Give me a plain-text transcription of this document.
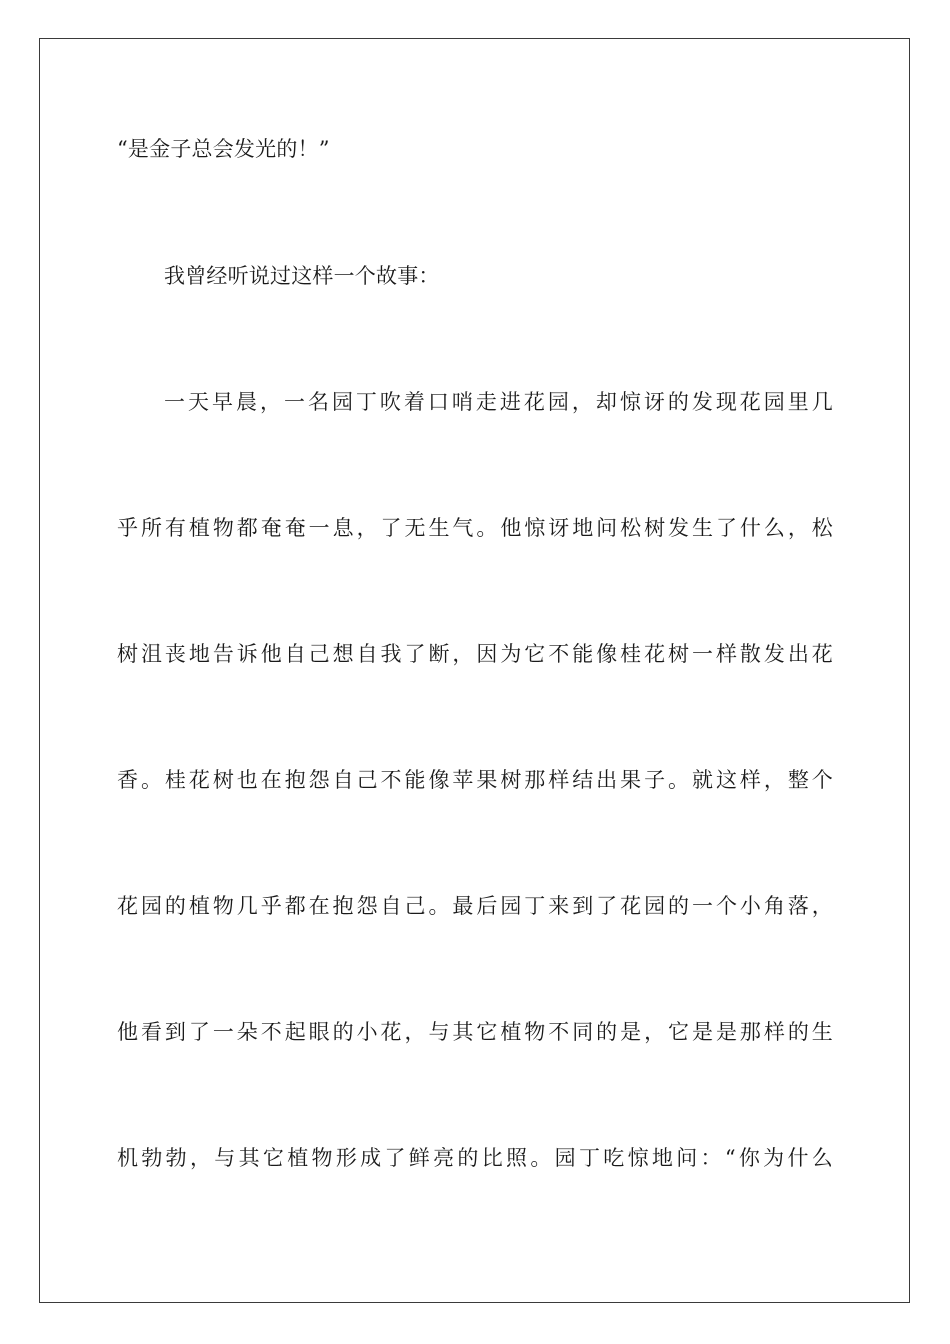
“是金子总会发光的！”
我曾经听说过这样一个故事：
一天早晨，一名园丁吹着口哨走进花园，却惊讶的发现花园里几
乎所有植物都奄奄一息，了无生气。他惊讶地问松树发生了什么，松
树沮丧地告诉他自己想自我了断，因为它不能像桂花树一样散发出花
香。桂花树也在抱怨自己不能像苹果树那样结出果子。就这样，整个
花园的植物几乎都在抱怨自己。最后园丁来到了花园的一个小角落，
他看到了一朵不起眼的小花，与其它植物不同的是，它是是那样的生
机勃勃，与其它植物形成了鲜亮的比照。园丁吃惊地问：“你为什么
